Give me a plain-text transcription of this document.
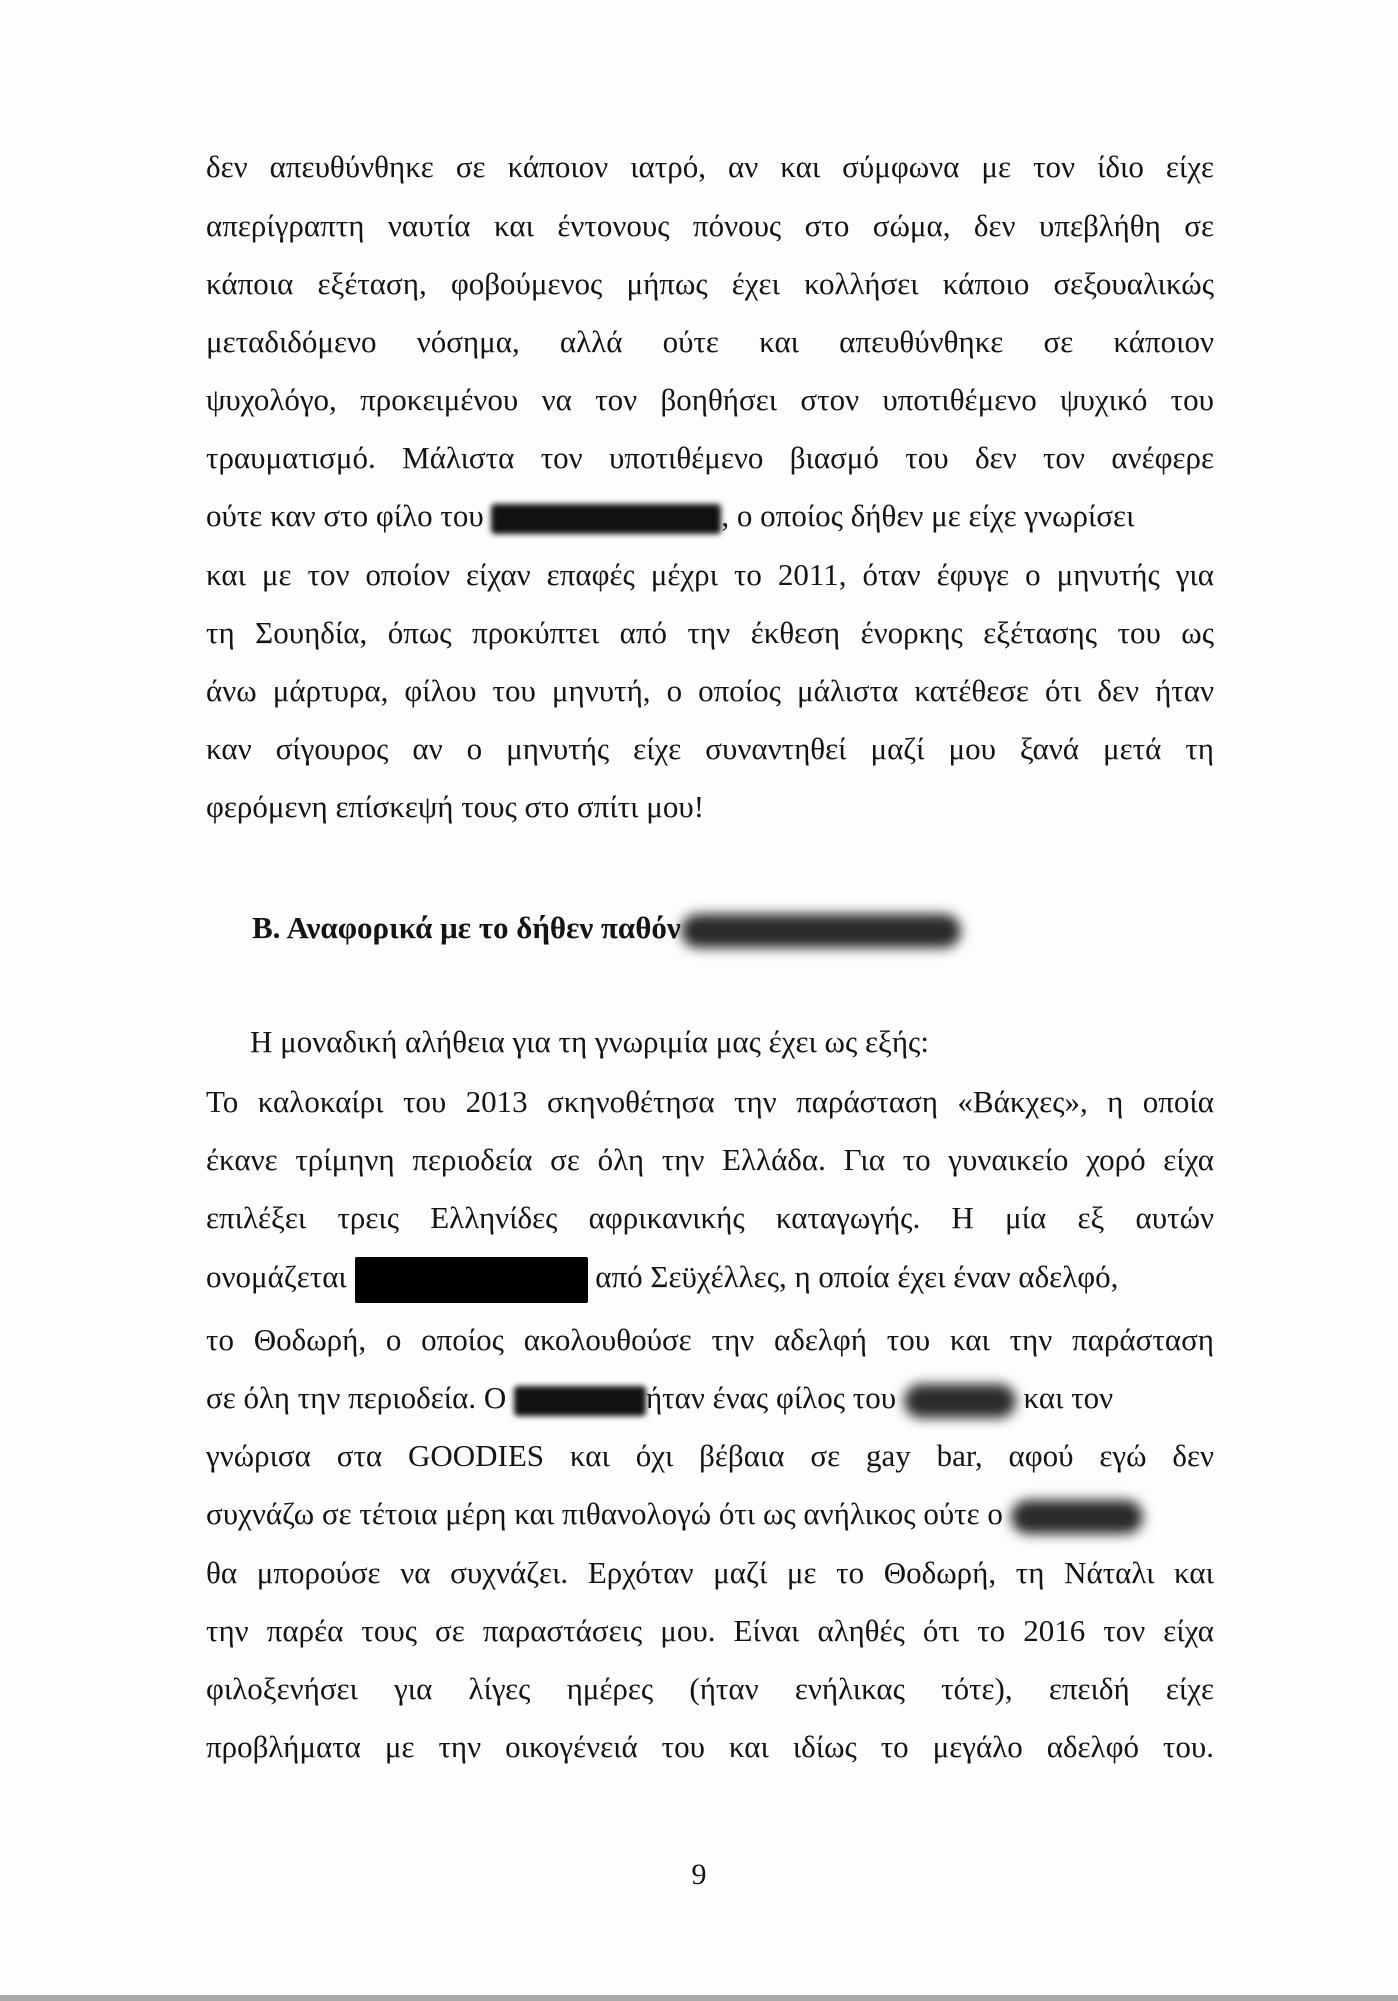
δεν απευθύνθηκε σε κάποιον ιατρό, αν και σύμφωνα με τον ίδιο είχε

απερίγραπτη ναυτία και έντονους πόνους στο σώμα, δεν υπεβλήθη σε

κάποια εξέταση, φοβούμενος μήπως έχει κολλήσει κάποιο σεξουαλικώς

μεταδιδόμενο νόσημα, αλλά ούτε και απευθύνθηκε σε κάποιον

ψυχολόγο, προκειμένου να τον βοηθήσει στον υποτιθέμενο ψυχικό του

τραυματισμό. Μάλιστα τον υποτιθέμενο βιασμό του δεν τον ανέφερε

ούτε καν στο φίλο του	, ο οποίος δήθεν με είχε γνωρίσει

και με τον οποίον είχαν επαφές μέχρι το 2011, όταν έφυγε ο μηνυτής για

τη Σουηδία, όπως προκύπτει από την έκθεση ένορκης εξέτασης του ως

άνω μάρτυρα, φίλου του μηνυτή, ο οποίος μάλιστα κατέθεσε ότι δεν ήταν

καν σίγουρος αν ο μηνυτής είχε συναντηθεί μαζί μου ξανά μετά τη

φερόμενη επίσκεψή τους στο σπίτι μου!

Β. Αναφορικά με το δήθεν παθόν

Η μοναδική αλήθεια για τη γνωριμία μας έχει ως εξής:

Το καλοκαίρι του 2013 σκηνοθέτησα την παράσταση «Βάκχες», η οποία

έκανε τρίμηνη περιοδεία σε όλη την Ελλάδα. Για το γυναικείο χορό είχα

επιλέξει τρεις Ελληνίδες αφρικανικής καταγωγής. Η μία εξ αυτών

ονομάζεται	από Σεϋχέλλες, η οποία έχει έναν αδελφό,

το Θοδωρή, ο οποίος ακολουθούσε την αδελφή του και την παράσταση

σε όλη την περιοδεία. Ο	ήταν ένας φίλος του	και τον

γνώρισα στα GOODIES και όχι βέβαια σε gay bar, αφού εγώ δεν

συχνάζω σε τέτοια μέρη και πιθανολογώ ότι ως ανήλικος ούτε ο

θα μπορούσε να συχνάζει. Ερχόταν μαζί με το Θοδωρή, τη Νάταλι και

την παρέα τους σε παραστάσεις μου. Είναι αληθές ότι το 2016 τον είχα

φιλοξενήσει για λίγες ημέρες (ήταν ενήλικας τότε), επειδή είχε

προβλήματα με την οικογένειά του και ιδίως το μεγάλο αδελφό του.

9
